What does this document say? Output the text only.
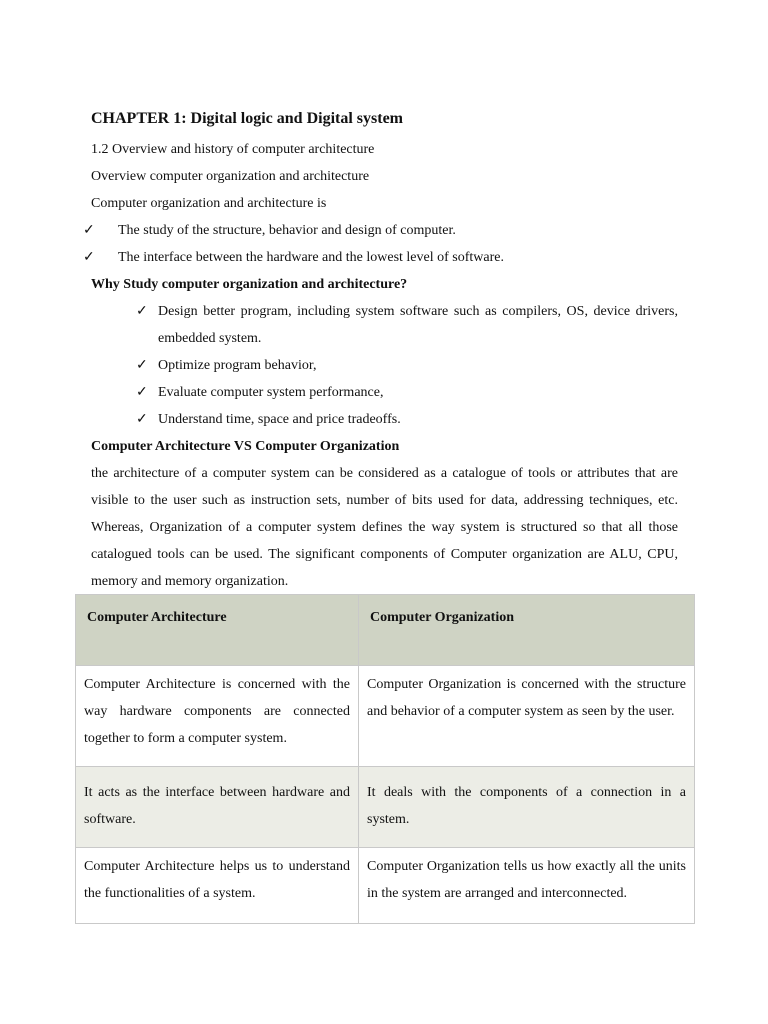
CHAPTER 1: Digital logic and Digital system
1.2 Overview and history of computer architecture
Overview computer organization and architecture
Computer organization and architecture is
✓ The study of the structure, behavior and design of computer.
✓ The interface between the hardware and the lowest level of software.
Why Study computer organization and architecture?
✓ Design better program, including system software such as compilers, OS, device drivers, embedded system.
✓ Optimize program behavior,
✓ Evaluate computer system performance,
✓ Understand time, space and price tradeoffs.
Computer Architecture VS Computer Organization
the architecture of a computer system can be considered as a catalogue of tools or attributes that are visible to the user such as instruction sets, number of bits used for data, addressing techniques, etc. Whereas, Organization of a computer system defines the way system is structured so that all those catalogued tools can be used. The significant components of Computer organization are ALU, CPU, memory and memory organization.
Computer Architecture	Computer Organization
Computer Architecture is concerned with the way hardware components are connected together to form a computer system.	Computer Organization is concerned with the structure and behavior of a computer system as seen by the user.
It acts as the interface between hardware and software.	It deals with the components of a connection in a system.
Computer Architecture helps us to understand the functionalities of a system.	Computer Organization tells us how exactly all the units in the system are arranged and interconnected.
